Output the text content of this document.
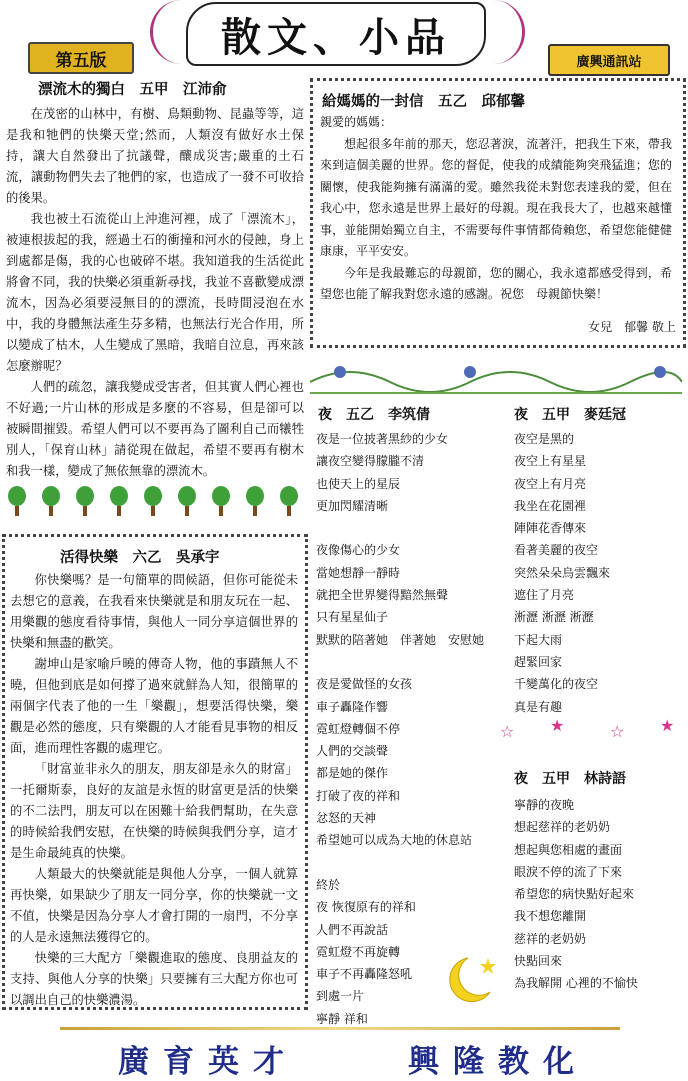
散文、小品
第五版	廣興通訊站
漂流木的獨白　五甲　江沛俞

在茂密的山林中，有樹、鳥類動物、昆蟲等等，這是我和牠們的快樂天堂;然而，人類沒有做好水土保持，讓大自然發出了抗議聲，釀成災害;嚴重的土石流，讓動物們失去了牠們的家，也造成了一發不可收拾的後果。

我也被土石流從山上沖進河裡，成了「漂流木」，被連根拔起的我，經過土石的衝撞和河水的侵蝕，身上到處都是傷，我的心也破碎不堪。我知道我的生活從此將會不同，我的快樂必須重新尋找，我並不喜歡變成漂流木，因為必須要浸無目的的漂流，長時間浸泡在水中，我的身體無法產生芬多精，也無法行光合作用，所以變成了枯木，人生變成了黑暗，我暗自泣息，再來該怎麼辦呢？

人們的疏忽，讓我變成受害者，但其實人們心裡也不好過;一片山林的形成是多麼的不容易，但是卻可以被瞬間摧毀。希望人們可以不要再為了圖利自己而犧牲別人，「保育山林」請從現在做起，希望不要再有樹木和我一樣，變成了無依無靠的漂流木。

給媽媽的一封信　五乙　邱郁馨
親愛的媽媽：

想起很多年前的那天，您忍著淚，流著汗，把我生下來，帶我來到這個美麗的世界。您的督促，使我的成績能夠突飛猛進；您的關懷，使我能夠擁有滿滿的愛。雖然我從未對您表達我的愛，但在我心中，您永遠是世界上最好的母親。現在我長大了，也越來越懂事，並能開始獨立自主，不需要每件事情都倚賴您，希望您能健健康康，平平安安。

今年是我最難忘的母親節，您的關心，我永遠都感受得到，希望您也能了解我對您永遠的感謝。祝您　母親節快樂！

女兒　郁馨 敬上
活得快樂　六乙　吳承宇

你快樂嗎？是一句簡單的問候語，但你可能從未去想它的意義，在我看來快樂就是和朋友玩在一起、用樂觀的態度看待事情，與他人一同分享這個世界的快樂和無盡的歡笑。

謝坤山是家喻戶曉的傳奇人物，他的事蹟無人不曉，但他到底是如何撐了過來就鮮為人知，很簡單的兩個字代表了他的一生「樂觀」，想要活得快樂，樂觀是必然的態度，只有樂觀的人才能看見事物的相反面，進而理性客觀的處理它。

「財富並非永久的朋友，朋友卻是永久的財富」一托爾斯泰，良好的友誼是永恆的財富更是活的快樂的不二法門，朋友可以在困難十給我們幫助，在失意的時候給我們安慰，在快樂的時候與我們分享，這才是生命最純真的快樂。

人類最大的快樂就能是與他人分享，一個人就算再快樂，如果缺少了朋友一同分享，你的快樂就一文不值，快樂是因為分享人才會打開的一扇門，不分享的人是永遠無法獲得它的。

快樂的三大配方「樂觀進取的態度、良朋益友的支持、與他人分享的快樂」只要擁有三大配方你也可以調出自己的快樂濃湯。

夜　五乙　李筑倩
夜是一位披著黑紗的少女
讓夜空變得朦朧不清
也使天上的星辰
更加閃耀清晰

夜像傷心的少女
當她想靜一靜時
就把全世界變得黯然無聲
只有星星仙子
默默的陪著她　伴著她　安慰她

夜是愛做怪的女孩
車子轟隆作響
霓虹燈轉個不停
人們的交談聲
都是她的傑作
打破了夜的祥和
忿怒的天神
希望她可以成為大地的休息站

終於
夜 恢復原有的祥和
人們不再說話
霓虹燈不再旋轉
車子不再轟隆怒吼
到處一片
寧靜 祥和
夜　五甲　麥廷冠
夜空是黑的
夜空上有星星
夜空上有月亮
我坐在花園裡
陣陣花香傳來
看著美麗的夜空
突然朵朵烏雲飄來
遮住了月亮
淅瀝 淅瀝 淅瀝
下起大雨
趕緊回家
千變萬化的夜空
真是有趣
☆ ★	☆ ★
夜　五甲　林詩語
寧靜的夜晚
想起慈祥的老奶奶
想起與您相處的畫面
眼淚不停的流了下來
希望您的病快點好起來
我不想您離開
慈祥的老奶奶
快點回來
為我解開 心裡的不愉快
廣育英才	興隆教化
